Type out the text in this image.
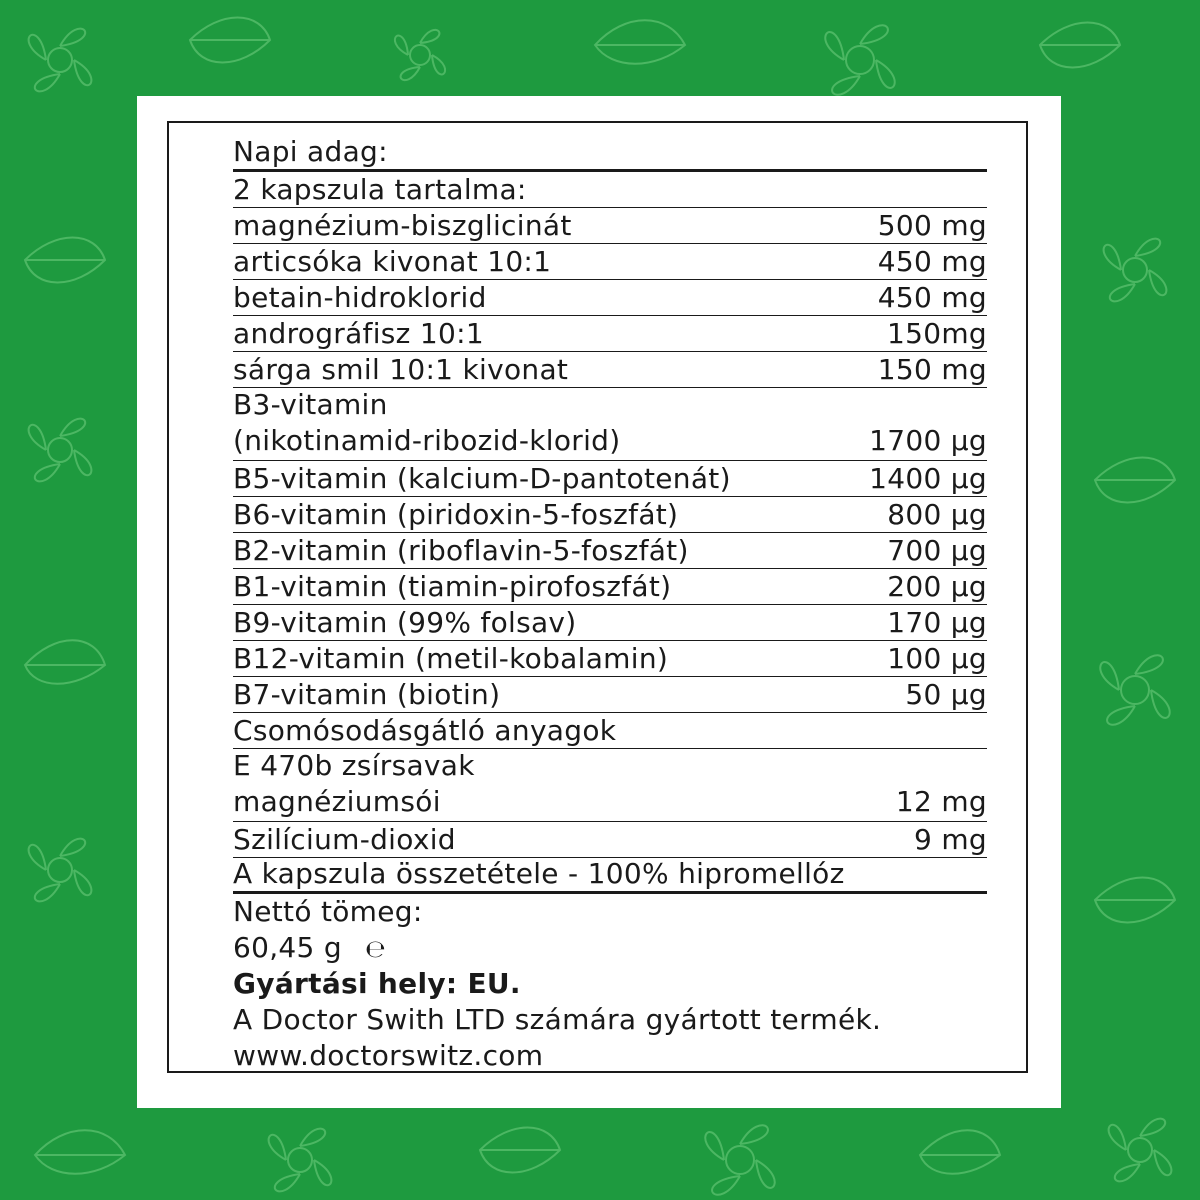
Napi adag:
2 kapszula tartalma:
magnézium-biszglicinát	500 mg
articsóka kivonat 10:1	450 mg
betain-hidroklorid	450 mg
andrográfisz 10:1	150mg
sárga smil 10:1 kivonat	150 mg
B3-vitamin
(nikotinamid-ribozid-klorid)	1700 µg
B5-vitamin (kalcium-D-pantotenát)	1400 µg
B6-vitamin (piridoxin-5-foszfát)	800 µg
B2-vitamin (riboflavin-5-foszfát)	700 µg
B1-vitamin (tiamin-pirofoszfát)	200 µg
B9-vitamin (99% folsav)	170 µg
B12-vitamin (metil-kobalamin)	100 µg
B7-vitamin (biotin)	50 µg
Csomósodásgátló anyagok
E 470b zsírsavak
magnéziumsói	12 mg
Szilícium-dioxid	9 mg
A kapszula összetétele - 100% hipromellóz
Nettó tömeg:
60,45 g ℮
Gyártási hely: EU.
A Doctor Swith LTD számára gyártott termék.
www.doctorswitz.com
